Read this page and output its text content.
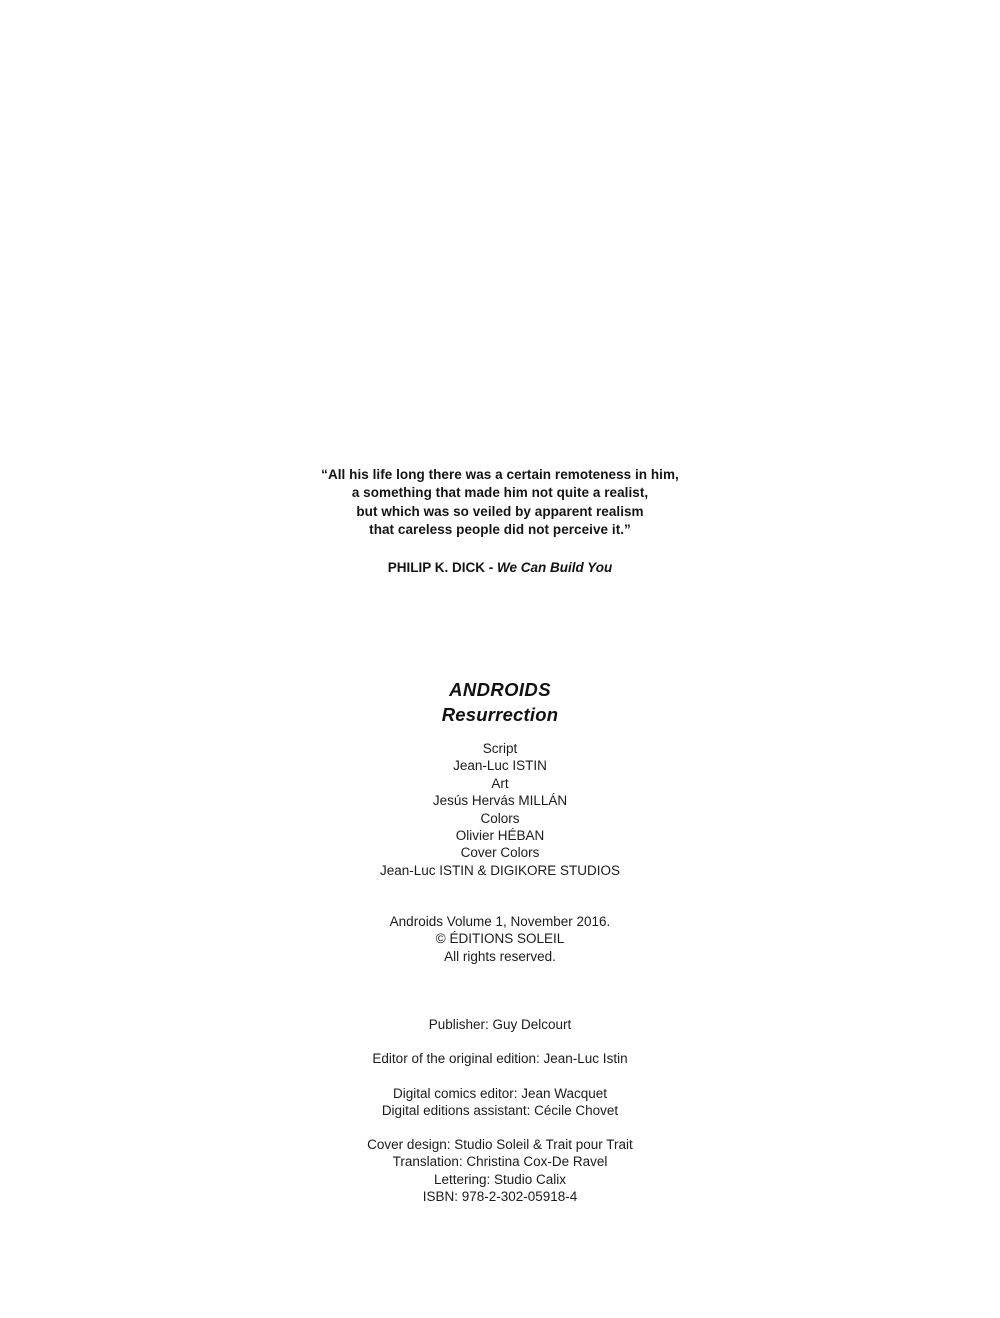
“All his life long there was a certain remoteness in him,
a something that made him not quite a realist,
but which was so veiled by apparent realism
that careless people did not perceive it.”
PHILIP K. DICK - We Can Build You
ANDROIDS
Resurrection
Script
Jean-Luc ISTIN
Art
Jesús Hervás MILLÁN
Colors
Olivier HÉBAN
Cover Colors
Jean-Luc ISTIN & DIGIKORE STUDIOS
Androids Volume 1, November 2016.
© ÉDITIONS SOLEIL
All rights reserved.
Publisher: Guy Delcourt
Editor of the original edition: Jean-Luc Istin
Digital comics editor: Jean Wacquet
Digital editions assistant: Cécile Chovet
Cover design: Studio Soleil & Trait pour Trait
Translation: Christina Cox-De Ravel
Lettering: Studio Calix
ISBN: 978-2-302-05918-4
